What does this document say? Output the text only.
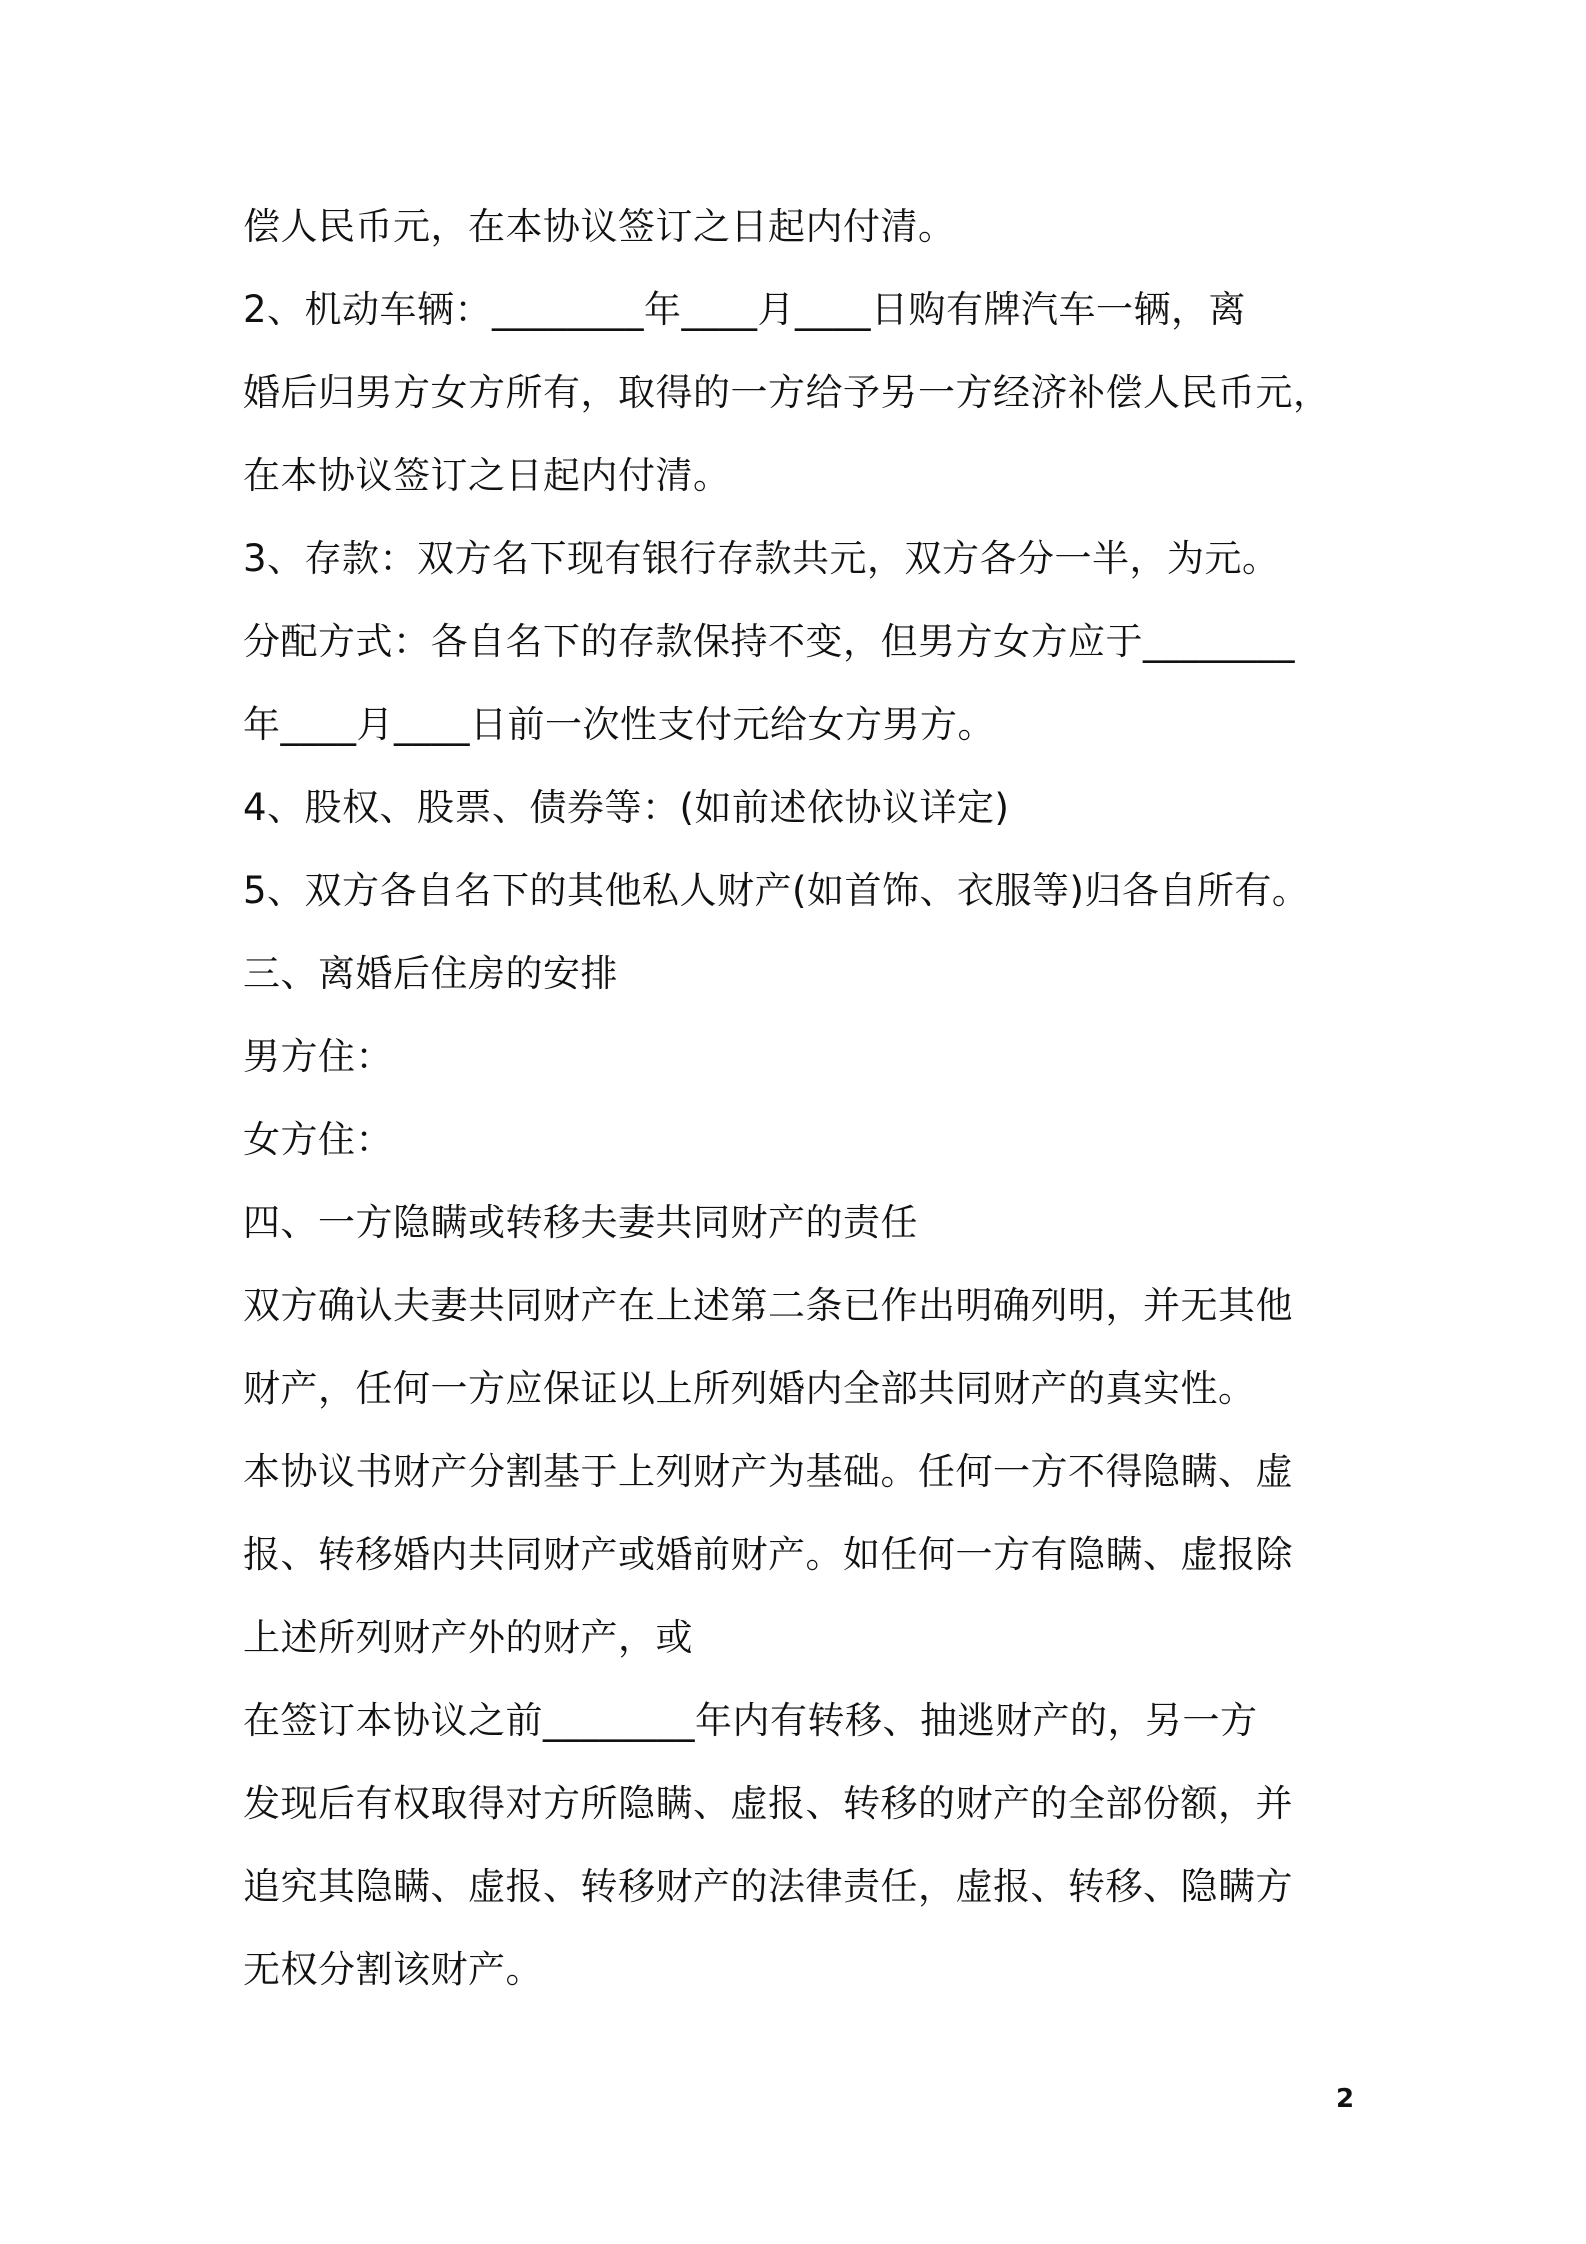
偿人民币元，在本协议签订之日起内付清。
2、机动车辆：________年____月____日购有牌汽车一辆，离
婚后归男方女方所有，取得的一方给予另一方经济补偿人民币元，
在本协议签订之日起内付清。
3、存款：双方名下现有银行存款共元，双方各分一半，为元。
分配方式：各自名下的存款保持不变，但男方女方应于________
年____月____日前一次性支付元给女方男方。
4、股权、股票、债券等：(如前述依协议详定)
5、双方各自名下的其他私人财产(如首饰、衣服等)归各自所有。
三、离婚后住房的安排
男方住：
女方住：
四、一方隐瞒或转移夫妻共同财产的责任
双方确认夫妻共同财产在上述第二条已作出明确列明，并无其他
财产，任何一方应保证以上所列婚内全部共同财产的真实性。
本协议书财产分割基于上列财产为基础。任何一方不得隐瞒、虚
报、转移婚内共同财产或婚前财产。如任何一方有隐瞒、虚报除
上述所列财产外的财产，或
在签订本协议之前________年内有转移、抽逃财产的，另一方
发现后有权取得对方所隐瞒、虚报、转移的财产的全部份额，并
追究其隐瞒、虚报、转移财产的法律责任，虚报、转移、隐瞒方
无权分割该财产。
2
